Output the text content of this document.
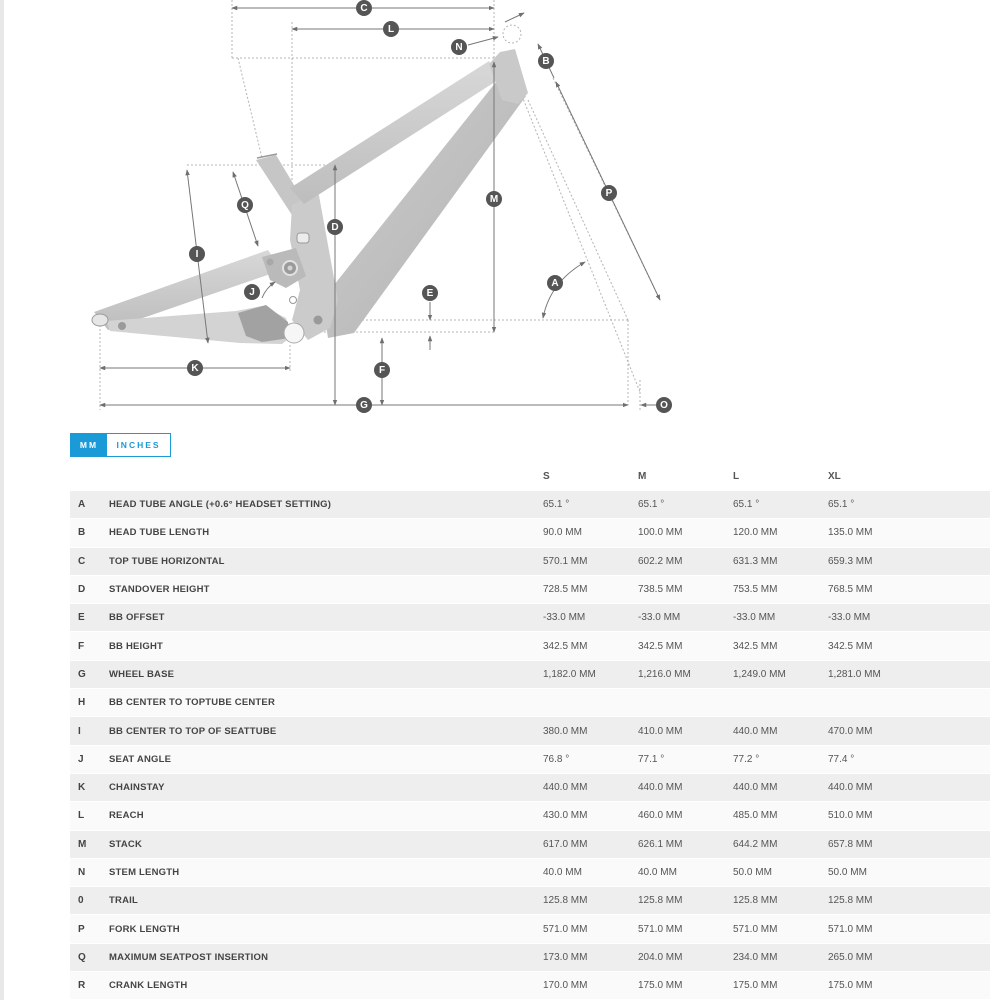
C
L
N
B
P
M
D
Q
I
E
J
A
F
K
G	O
MM	INCHES
S	M	L	XL
A	HEAD TUBE ANGLE (+0.6° HEADSET SETTING)	65.1 °	65.1 °	65.1 °	65.1 °
B	HEAD TUBE LENGTH	90.0 MM	100.0 MM	120.0 MM	135.0 MM
C	TOP TUBE HORIZONTAL	570.1 MM	602.2 MM	631.3 MM	659.3 MM
D	STANDOVER HEIGHT	728.5 MM	738.5 MM	753.5 MM	768.5 MM
E	BB OFFSET	-33.0 MM	-33.0 MM	-33.0 MM	-33.0 MM
F	BB HEIGHT	342.5 MM	342.5 MM	342.5 MM	342.5 MM
G	WHEEL BASE	1,182.0 MM	1,216.0 MM	1,249.0 MM	1,281.0 MM
H	BB CENTER TO TOPTUBE CENTER
I	BB CENTER TO TOP OF SEATTUBE	380.0 MM	410.0 MM	440.0 MM	470.0 MM
J	SEAT ANGLE	76.8 °	77.1 °	77.2 °	77.4 °
K	CHAINSTAY	440.0 MM	440.0 MM	440.0 MM	440.0 MM
L	REACH	430.0 MM	460.0 MM	485.0 MM	510.0 MM
M	STACK	617.0 MM	626.1 MM	644.2 MM	657.8 MM
N	STEM LENGTH	40.0 MM	40.0 MM	50.0 MM	50.0 MM
0	TRAIL	125.8 MM	125.8 MM	125.8 MM	125.8 MM
P	FORK LENGTH	571.0 MM	571.0 MM	571.0 MM	571.0 MM
Q	MAXIMUM SEATPOST INSERTION	173.0 MM	204.0 MM	234.0 MM	265.0 MM
R	CRANK LENGTH	170.0 MM	175.0 MM	175.0 MM	175.0 MM
